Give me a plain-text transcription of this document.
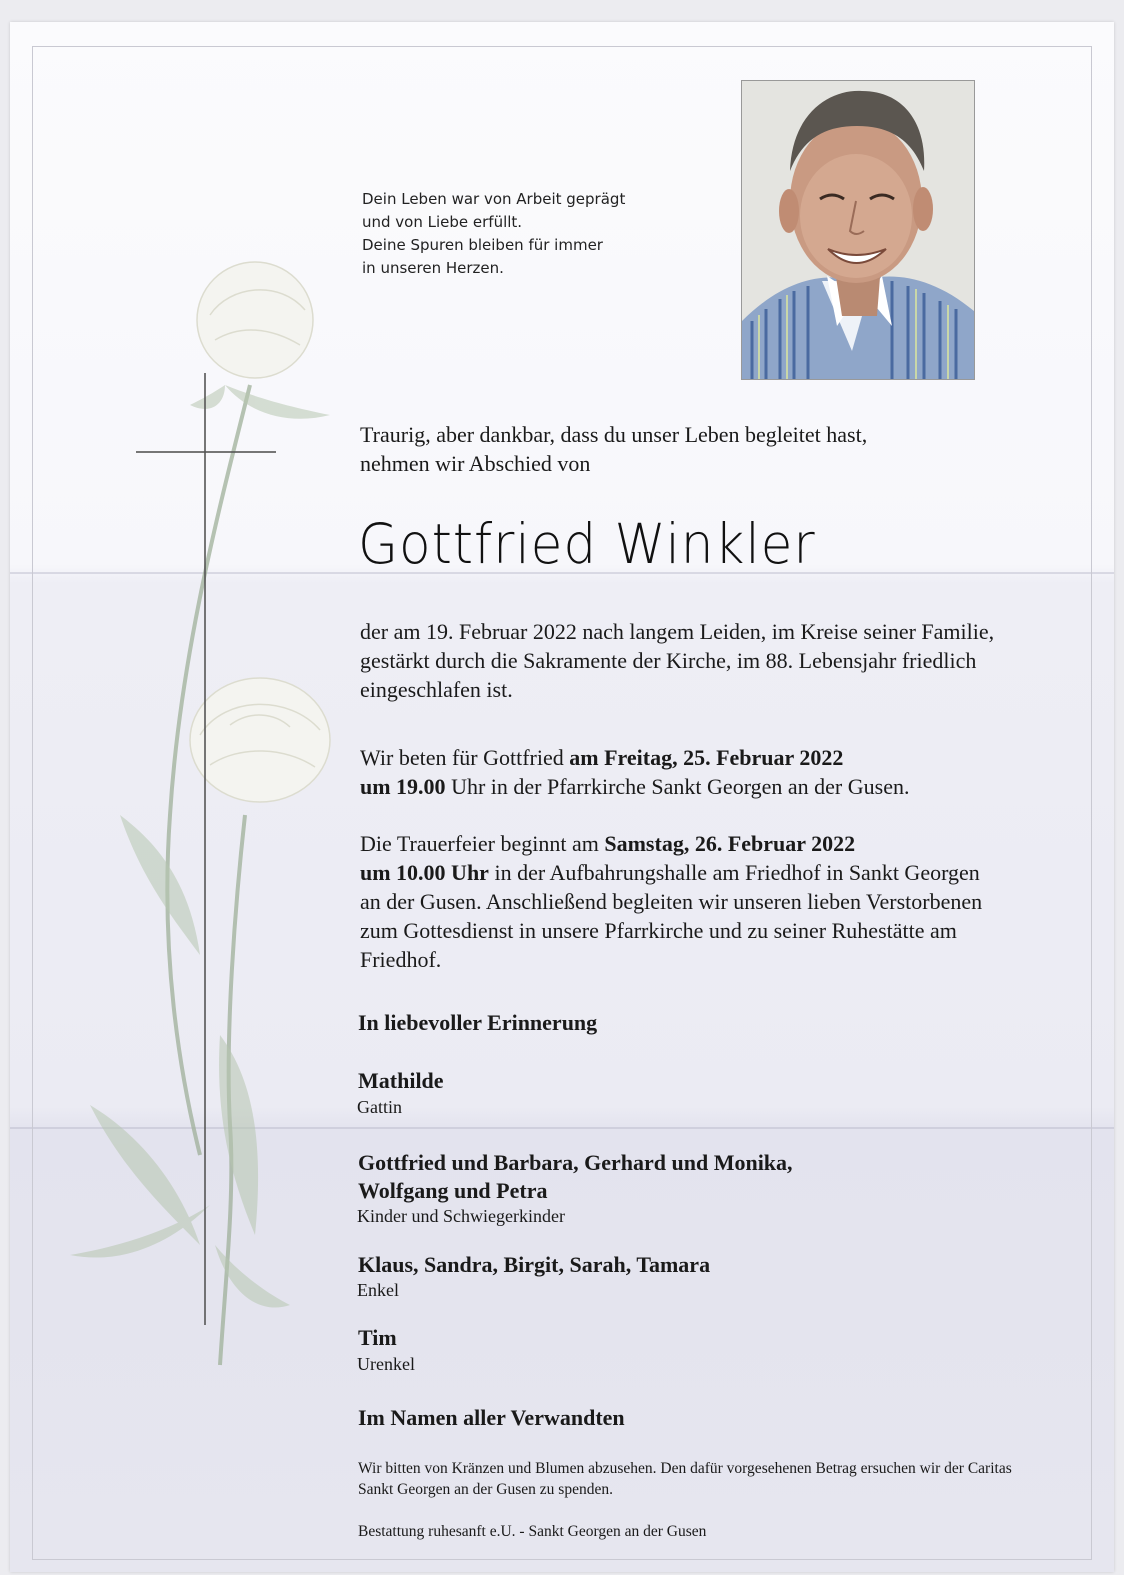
Dein Leben war von Arbeit geprägt
und von Liebe erfüllt.
Deine Spuren bleiben für immer
in unseren Herzen.
Traurig, aber dankbar, dass du unser Leben begleitet hast,
nehmen wir Abschied von
Gottfried Winkler
der am 19. Februar 2022 nach langem Leiden, im Kreise seiner Familie, gestärkt durch die Sakramente der Kirche, im 88. Lebensjahr friedlich eingeschlafen ist.
Wir beten für Gottfried am Freitag, 25. Februar 2022
um 19.00 Uhr in der Pfarrkirche Sankt Georgen an der Gusen.
Die Trauerfeier beginnt am Samstag, 26. Februar 2022
um 10.00 Uhr in der Aufbahrungshalle am Friedhof in Sankt Georgen an der Gusen. Anschließend begleiten wir unseren lieben Verstorbenen zum Gottesdienst in unsere Pfarrkirche und zu seiner Ruhestätte am Friedhof.
In liebevoller Erinnerung
Mathilde
Gattin
Gottfried und Barbara, Gerhard und Monika,
Wolfgang und Petra
Kinder und Schwiegerkinder
Klaus, Sandra, Birgit, Sarah, Tamara
Enkel
Tim
Urenkel
Im Namen aller Verwandten
Wir bitten von Kränzen und Blumen abzusehen. Den dafür vorgesehenen Betrag ersuchen wir der Caritas Sankt Georgen an der Gusen zu spenden.
Bestattung ruhesanft e.U. - Sankt Georgen an der Gusen
